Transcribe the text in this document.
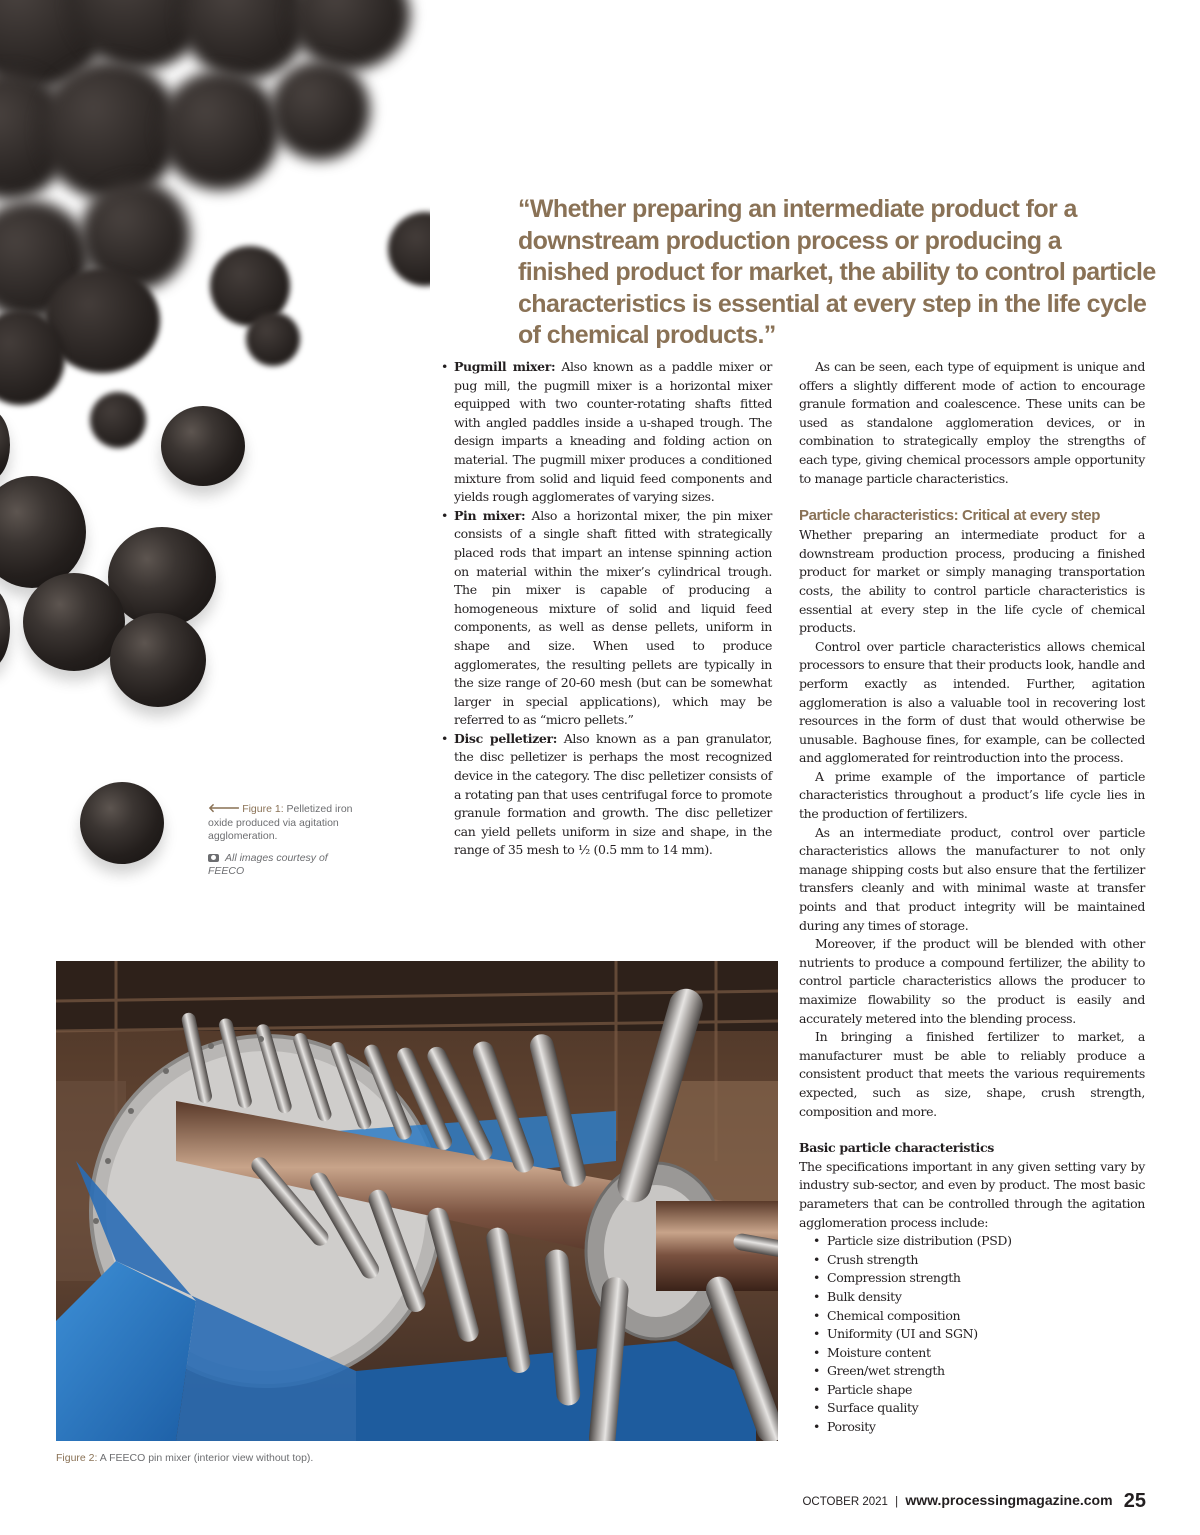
“Whether preparing an intermediate product for a downstream production process or producing a finished product for market, the ability to control particle characteristics is essential at every step in the life cycle of chemical products.”
🡐 Figure 1: Pelletized iron oxide produced via agitation agglomeration.
All images courtesy of FEECO
• Pugmill mixer: Also known as a paddle mixer or pug mill, the pugmill mixer is a horizontal mixer equipped with two counter-rotating shafts fitted with angled paddles inside a u-shaped trough. The design imparts a kneading and folding action on material. The pugmill mixer produces a conditioned mixture from solid and liquid feed components and yields rough agglomerates of varying sizes.
• Pin mixer: Also a horizontal mixer, the pin mixer consists of a single shaft fitted with strategically placed rods that impart an intense spinning action on material within the mixer’s cylindrical trough. The pin mixer is capable of producing a homogeneous mixture of solid and liquid feed components, as well as dense pellets, uniform in shape and size. When used to produce agglomerates, the resulting pellets are typically in the size range of 20-60 mesh (but can be somewhat larger in special applications), which may be referred to as “micro pellets.”
• Disc pelletizer: Also known as a pan granulator, the disc pelletizer is perhaps the most recognized device in the category. The disc pelletizer consists of a rotating pan that uses centrifugal force to promote granule formation and growth. The disc pelletizer can yield pellets uniform in size and shape, in the range of 35 mesh to ½ (0.5 mm to 14 mm).

As can be seen, each type of equipment is unique and offers a slightly different mode of action to encourage granule formation and coalescence. These units can be used as standalone agglomeration devices, or in combination to strategically employ the strengths of each type, giving chemical processors ample opportunity to manage particle characteristics.

Particle characteristics: Critical at every step

Whether preparing an intermediate product for a downstream production process, producing a finished product for market or simply managing transportation costs, the ability to control particle characteristics is essential at every step in the life cycle of chemical products.

Control over particle characteristics allows chemical processors to ensure that their products look, handle and perform exactly as intended. Further, agitation agglomeration is also a valuable tool in recovering lost resources in the form of dust that would otherwise be unusable. Baghouse fines, for example, can be collected and agglomerated for reintroduction into the process.

A prime example of the importance of particle characteristics throughout a product’s life cycle lies in the production of fertilizers.

As an intermediate product, control over particle characteristics allows the manufacturer to not only manage shipping costs but also ensure that the fertilizer transfers cleanly and with minimal waste at transfer points and that product integrity will be maintained during any times of storage.

Moreover, if the product will be blended with other nutrients to produce a compound fertilizer, the ability to control particle characteristics allows the producer to maximize flowability so the product is easily and accurately metered into the blending process.

In bringing a finished fertilizer to market, a manufacturer must be able to reliably produce a consistent product that meets the various requirements expected, such as size, shape, crush strength, composition and more.

Basic particle characteristics

The specifications important in any given setting vary by industry sub-sector, and even by product. The most basic parameters that can be controlled through the agitation agglomeration process include:

• Particle size distribution (PSD)
• Crush strength
• Compression strength
• Bulk density
• Chemical composition
• Uniformity (UI and SGN)
• Moisture content
• Green/wet strength
• Particle shape
• Surface quality
• Porosity
Figure 2: A FEECO pin mixer (interior view without top).
OCTOBER 2021 | www.processingmagazine.com 25
